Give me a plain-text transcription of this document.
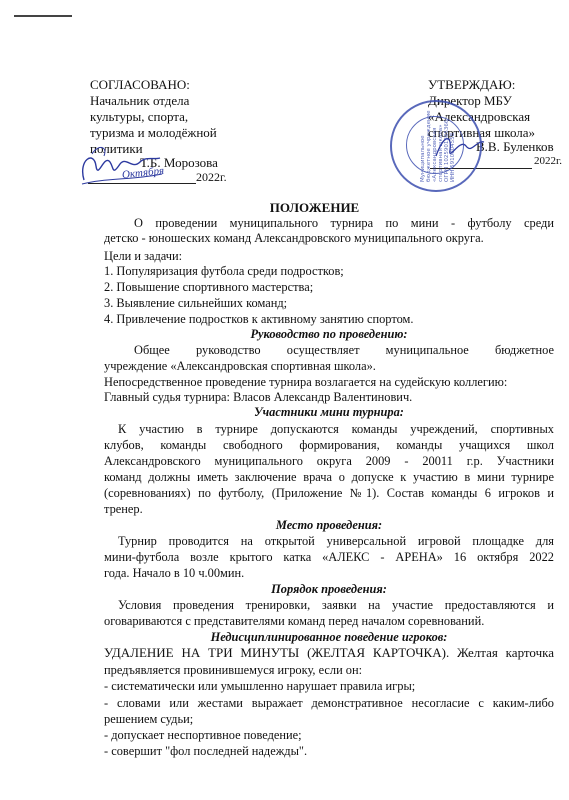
СОГЛАСОВАНО:
Начальник отдела
культуры, спорта,
туризма и молодёжной
политики
Т.Б. Морозова
Октября	2022г.
УТВЕРЖДАЮ:
Директор МБУ
«Александровская
спортивная школа»
В.В. Буленков
2022г.
Муниципальное бюджетное учреждение «Александровская спортивная школа» ОГРН 1025901365366 ИНН 5910004558
ПОЛОЖЕНИЕ
О проведении муниципального турнира по мини - футболу среди
детско - юношеских команд Александровского муниципального округа.
Цели и задачи:
1. Популяризация футбола среди подростков;
2. Повышение спортивного мастерства;
3. Выявление сильнейших команд;
4. Привлечение подростков к активному занятию спортом.
Руководство по проведению:
Общее руководство осуществляет муниципальное бюджетное
учреждение «Александровская спортивная школа».
Непосредственное проведение турнира возлагается на судейскую коллегию:
Главный судья турнира: Власов Александр Валентинович.
Участники мини турнира:
К участию в турнире допускаются команды учреждений, спортивных
клубов, команды свободного формирования, команды учащихся школ
Александровского муниципального округа 2009 - 20011 г.р. Участники
команд должны иметь заключение врача о допуске к участию в мини турнире
(соревнованиях) по футболу, (Приложение №1). Состав команды 6 игроков и
тренер.
Место проведения:
Турнир проводится на открытой универсальной игровой площадке для
мини-футбола возле крытого катка «АЛЕКС - АРЕНА» 16 октября 2022
года. Начало в 10 ч.00мин.
Порядок проведения:
Условия проведения тренировки, заявки на участие предоставляются и
оговариваются с представителями команд перед началом соревнований.
Недисциплинированное поведение игроков:
УДАЛЕНИЕ НА ТРИ МИНУТЫ (ЖЕЛТАЯ КАРТОЧКА). Желтая карточка
предъявляется провинившемуся игроку, если он:
- систематически или умышленно нарушает правила игры;
- словами или жестами выражает демонстративное несогласие с каким-либо
решением судьи;
- допускает неспортивное поведение;
- совершит "фол последней надежды".
